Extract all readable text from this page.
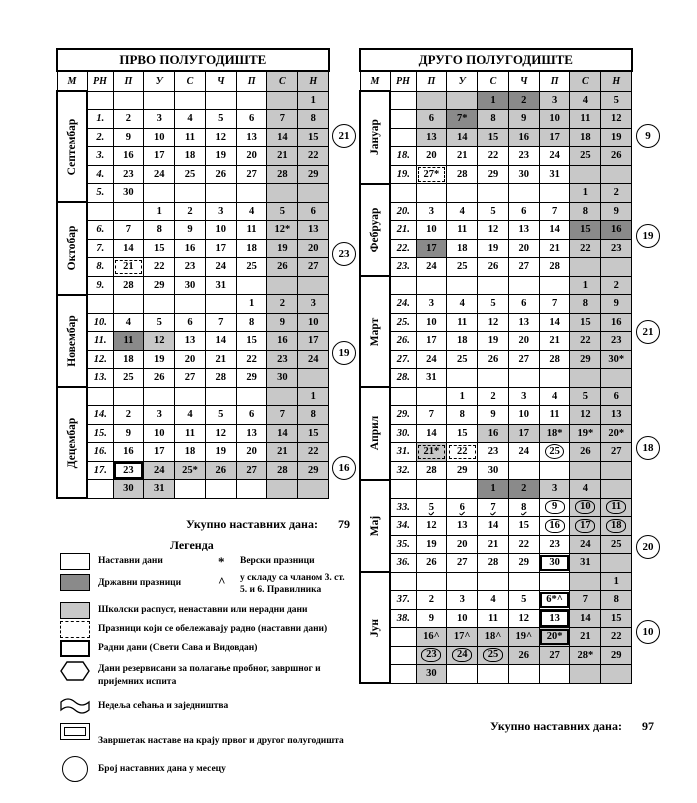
ПРВО ПОЛУГОДИШТЕ								
М	РН	П	У	С	Ч	П	С	Н

Септембар								1
	1.	2	3	4	5	6	7	8
	2.	9	10	11	12	13	14	15
	3.	16	17	18	19	20	21	22
	4.	23	24	25	26	27	28	29
	5.	30						

Октобар			1	2	3	4	5	6
	6.	7	8	9	10	11	12*	13
	7.	14	15	16	17	18	19	20
	8.	21	22	23	24	25	26	27
	9.	28	29	30	31			

Новембар						1	2	3
	10.	4	5	6	7	8	9	10
	11.	11	12	13	14	15	16	17
	12.	18	19	20	21	22	23	24
	13.	25	26	27	28	29	30	

Децембар								1
	14.	2	3	4	5	6	7	8
	15.	9	10	11	12	13	14	15
	16.	16	17	18	19	20	21	22
	17.	23	24	25*	26	27	28	29
		30	31					
ДРУГО ПОЛУГОДИШТЕ								
М	РН	П	У	С	Ч	П	С	Н

Јануар				1	2	3	4	5
		6	7*	8	9	10	11	12
		13	14	15	16	17	18	19
	18.	20	21	22	23	24	25	26
	19.	27*	28	29	30	31		

Фебруар							1	2
	20.	3	4	5	6	7	8	9
	21.	10	11	12	13	14	15	16
	22.	17	18	19	20	21	22	23
	23.	24	25	26	27	28		

Март							1	2
	24.	3	4	5	6	7	8	9
	25.	10	11	12	13	14	15	16
	26.	17	18	19	20	21	22	23
	27.	24	25	26	27	28	29	30*
	28.	31						

Април			1	2	3	4	5	6
	29.	7	8	9	10	11	12	13
	30.	14	15	16	17	18*	19*	20*
	31.	21*	22	23	24	25	26	27
	32.	28	29	30				

Мај				1	2	3	4	
	33.	5	6	7	8	9	10	11
	34.	12	13	14	15	16	17	18
	35.	19	20	21	22	23	24	25
	36.	26	27	28	29	30	31	

Јун								1
	37.	2	3	4	5	6*^	7	8
	38.	9	10	11	12	13	14	15
		16^	17^	18^	19^	20*	21	22
		23	24	25	26	27	28*	29
		30						
21
23
19
16
9
19
21
18
20
10
Укупно наставних дана: 79
Укупно наставних дана: 97
Легенда
Наставни дани	* Верски празници
Државни празници	^ у складу са чланом 3. ст. 5. и 6. Правилника
Школски распуст, ненаставни или нерадни дани
Празници који се обележавају радно (наставни дани)
Радни дани (Свети Сава и Видовдан)
Дани резервисани за полагање пробног, завршног и пријемних испита
Недеља сећања и заједништва
Завршетак наставе на крају првог и другог полугодишта
Број наставних дана у месецу
